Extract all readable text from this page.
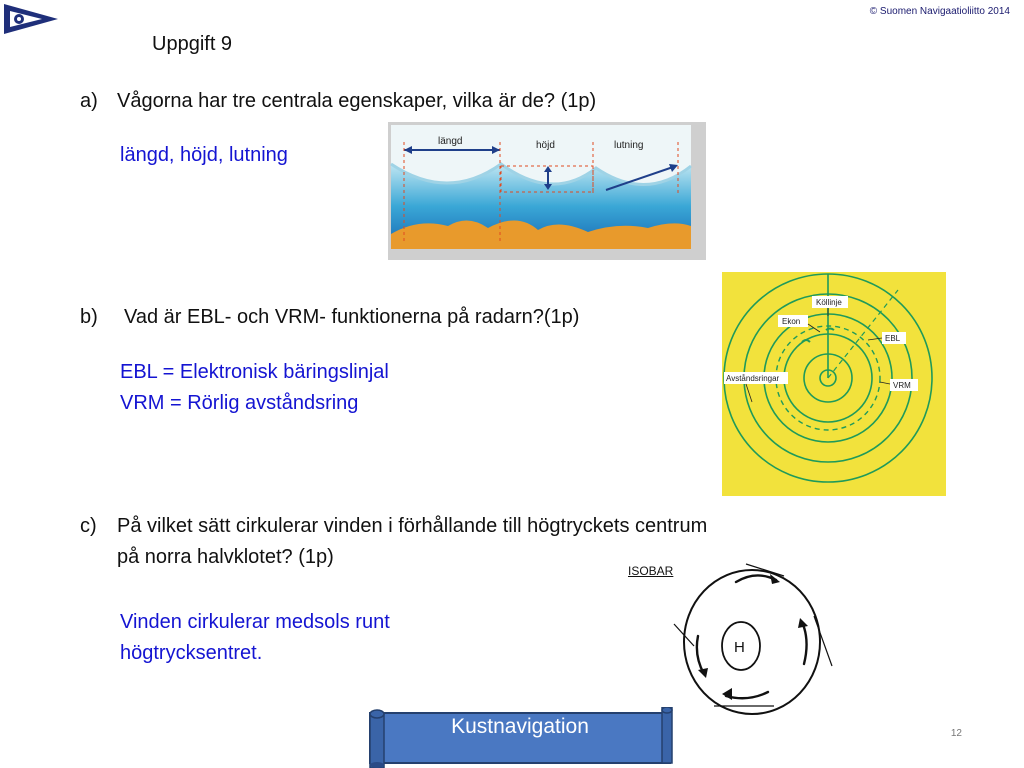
© Suomen Navigaatioliitto 2014
Uppgift 9
a) Vågorna har tre centrala egenskaper, vilka är de? (1p)
längd, höjd, lutning
längd	höjd	lutning
b) Vad är EBL- och VRM- funktionerna på radarn?(1p)
EBL = Elektronisk bäringslinjal
VRM = Rörlig avståndsring
Köllinje
Ekon
EBL
Avståndsringar
VRM
c) På vilket sätt cirkulerar vinden i förhållande till högtryckets centrum
på norra halvklotet? (1p)
Vinden cirkulerar medsols runt
högtrycksentret.
ISOBAR
H
Kustnavigation	12
